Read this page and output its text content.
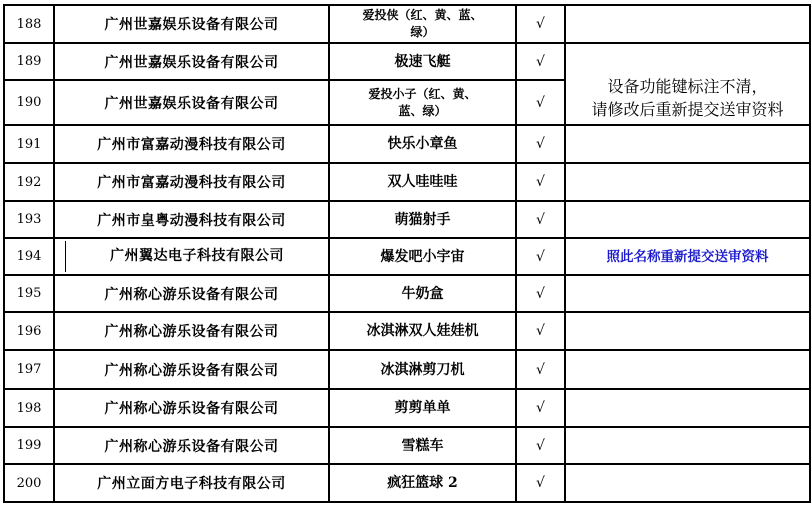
188	广州世嘉娱乐设备有限公司	爱投侠（红、黄、蓝、
绿）	√	
189	广州世嘉娱乐设备有限公司	极速飞艇	√	设备功能键标注不清，
请修改后重新提交送审资料

190	广州世嘉娱乐设备有限公司	爱投小子（红、黄、
蓝、绿）	√	
191	广州市富嘉动漫科技有限公司	快乐小章鱼	√	
192	广州市富嘉动漫科技有限公司	双人哇哇哇	√	
193	广州市皇粤动漫科技有限公司	萌猫射手	√	
194	广州翼达电子科技有限公司	爆发吧小宇宙	√	照此名称重新提交送审资料
195	广州称心游乐设备有限公司	牛奶盒	√	
196	广州称心游乐设备有限公司	冰淇淋双人娃娃机	√	
197	广州称心游乐设备有限公司	冰淇淋剪刀机	√	
198	广州称心游乐设备有限公司	剪剪单单	√	
199	广州称心游乐设备有限公司	雪糕车	√	
200	广州立面方电子科技有限公司	疯狂篮球 2	√	
